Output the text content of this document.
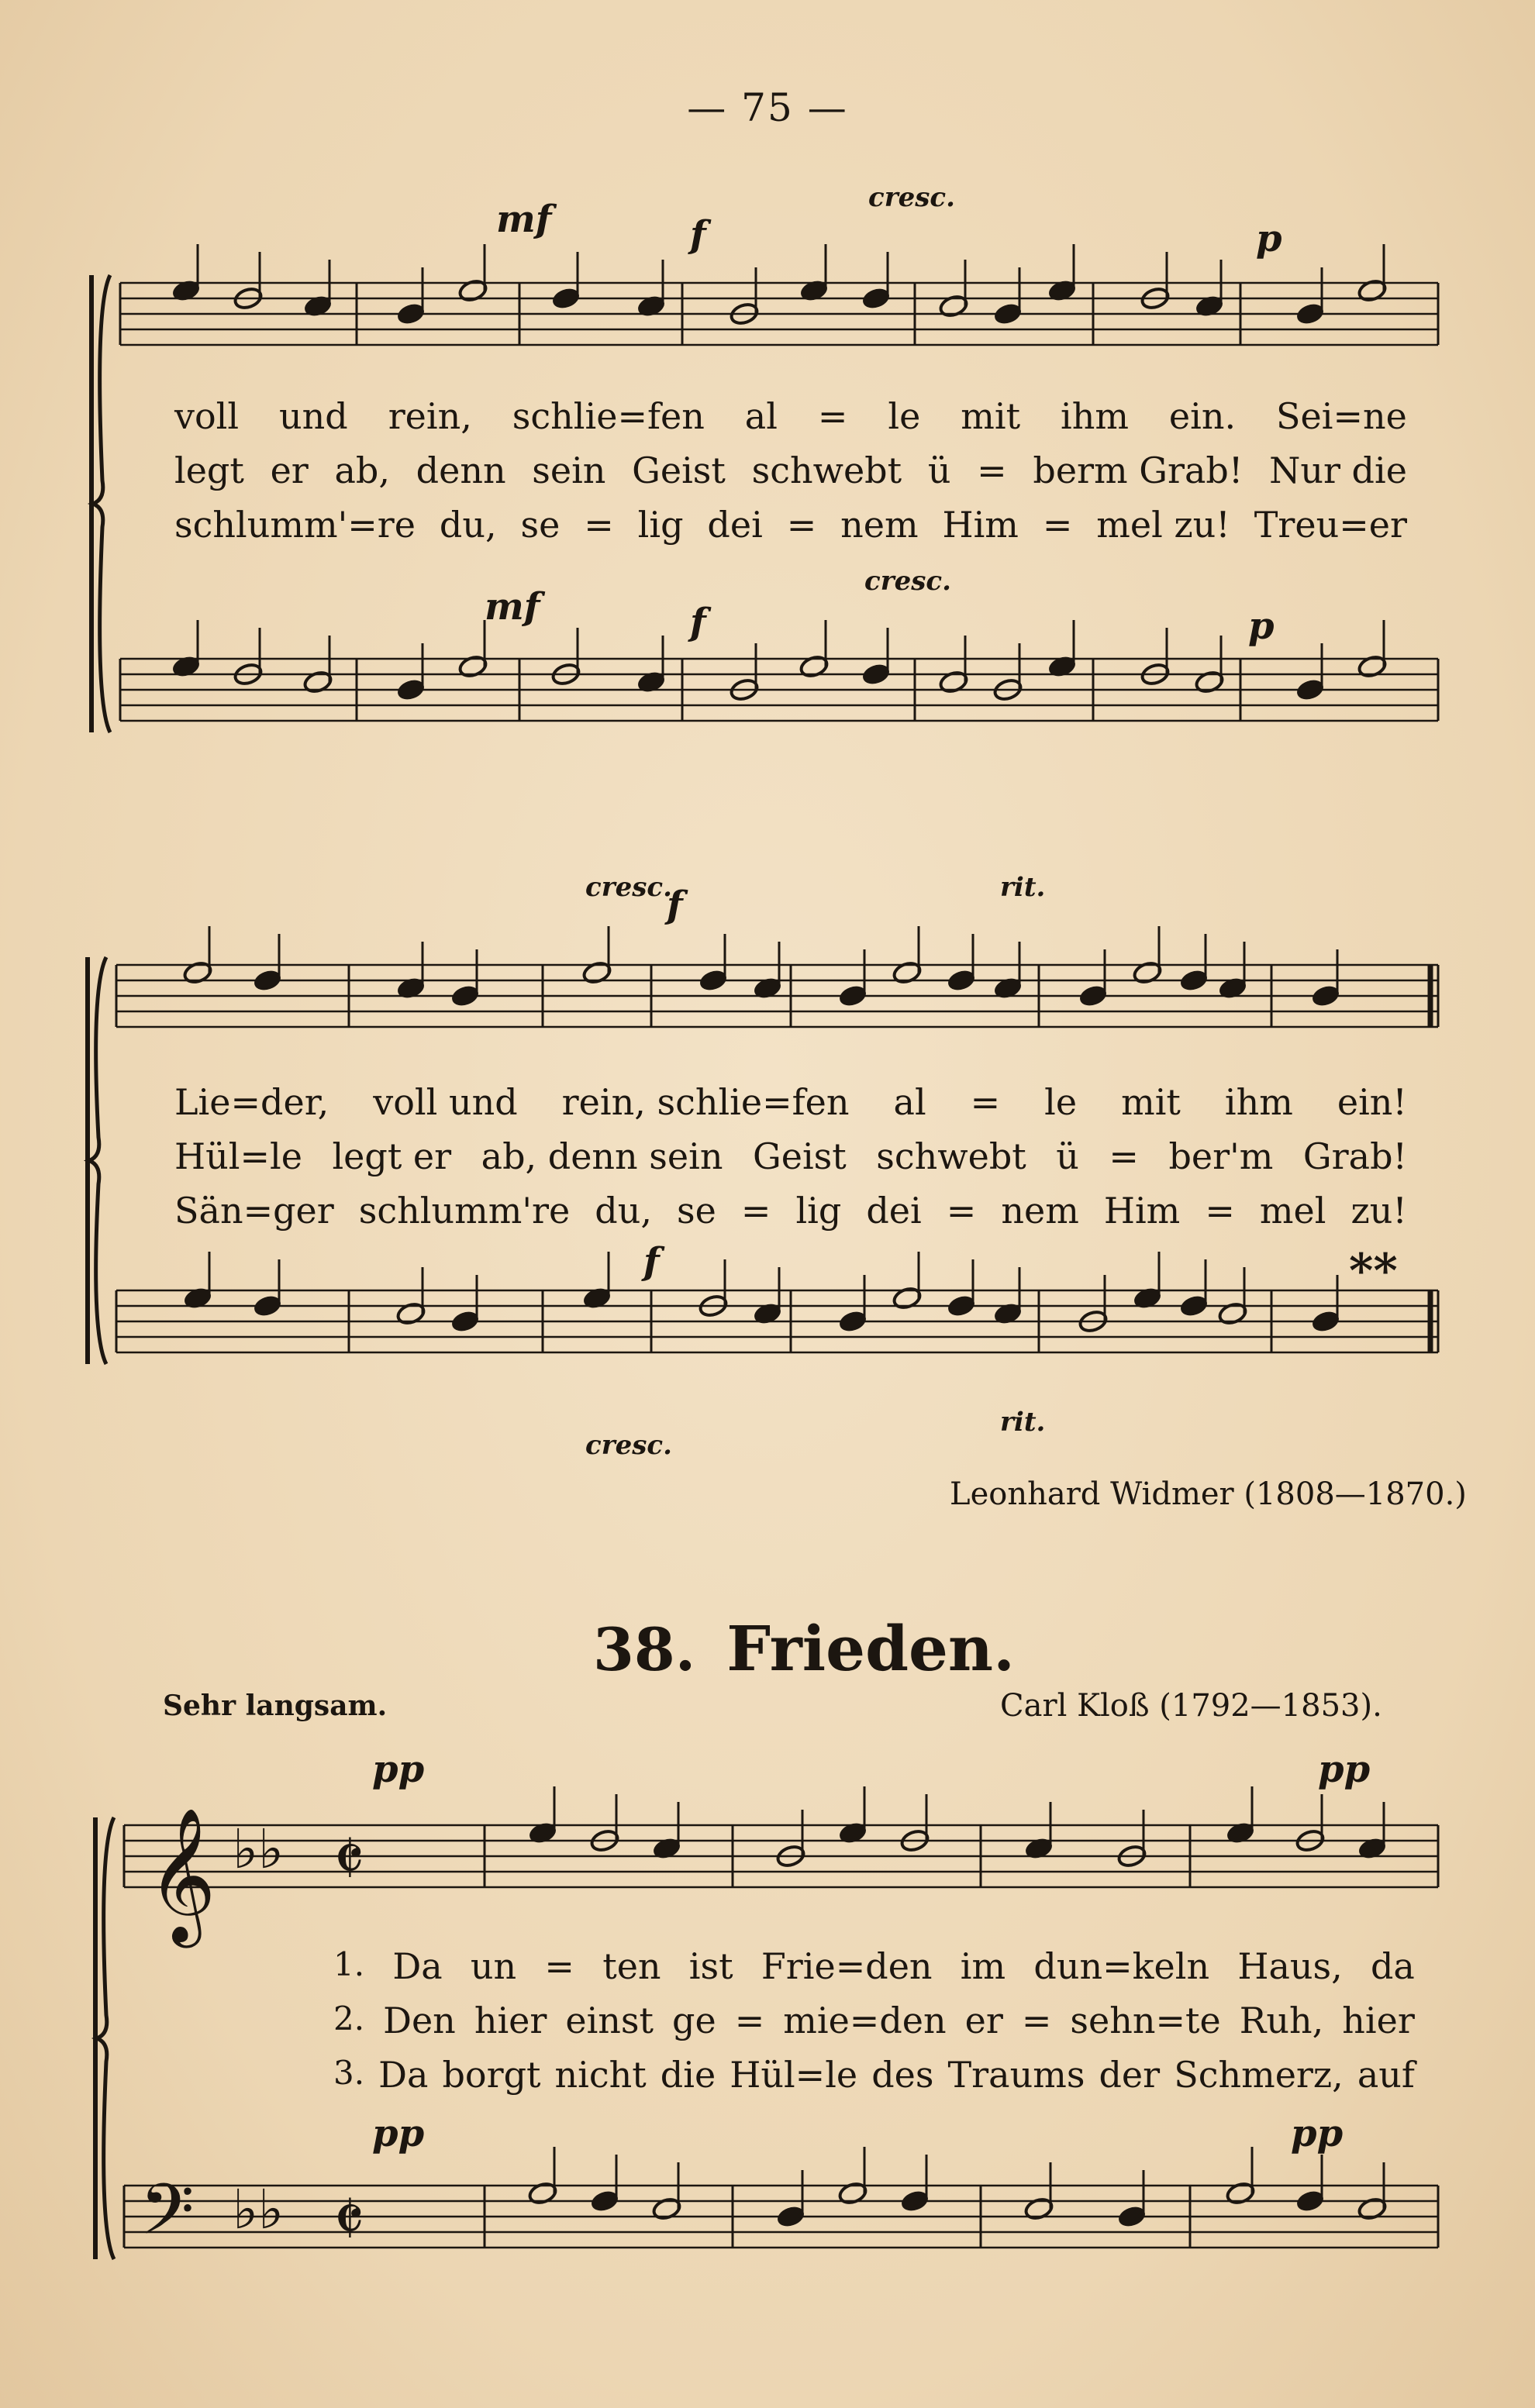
— 75 —
𝄞
𝄢
♭♭
♭♭
𝄵
𝄵
mf	f
cresc.
p
voll und rein, schlie=fen al = le mit ihm ein. Sei=ne
legt er ab, denn sein Geist schwebt ü = berm Grab! Nur die
schlumm'=re du, se = lig dei = nem Him = mel zu! Treu=er
mf	f
cresc.
p
cresc.
f	rit.
Lie=der, voll und rein, schlie=fen al = le mit ihm ein!
Hül=le legt er ab, denn sein Geist schwebt ü = ber'm Grab!
Sän=ger schlumm're du, se = lig dei = nem Him = mel zu!
f	**
cresc.
rit.
Leonhard Widmer (1808—1870.)
38. Frieden.
Sehr langsam.	Carl Kloß (1792—1853).
pp	pp
1. Da un = ten ist Frie=den im dun=keln Haus, da
2. Den hier einst ge = mie=den er = sehn=te Ruh, hier
3. Da borgt nicht die Hül=le des Traums der Schmerz, auf
pp	pp
